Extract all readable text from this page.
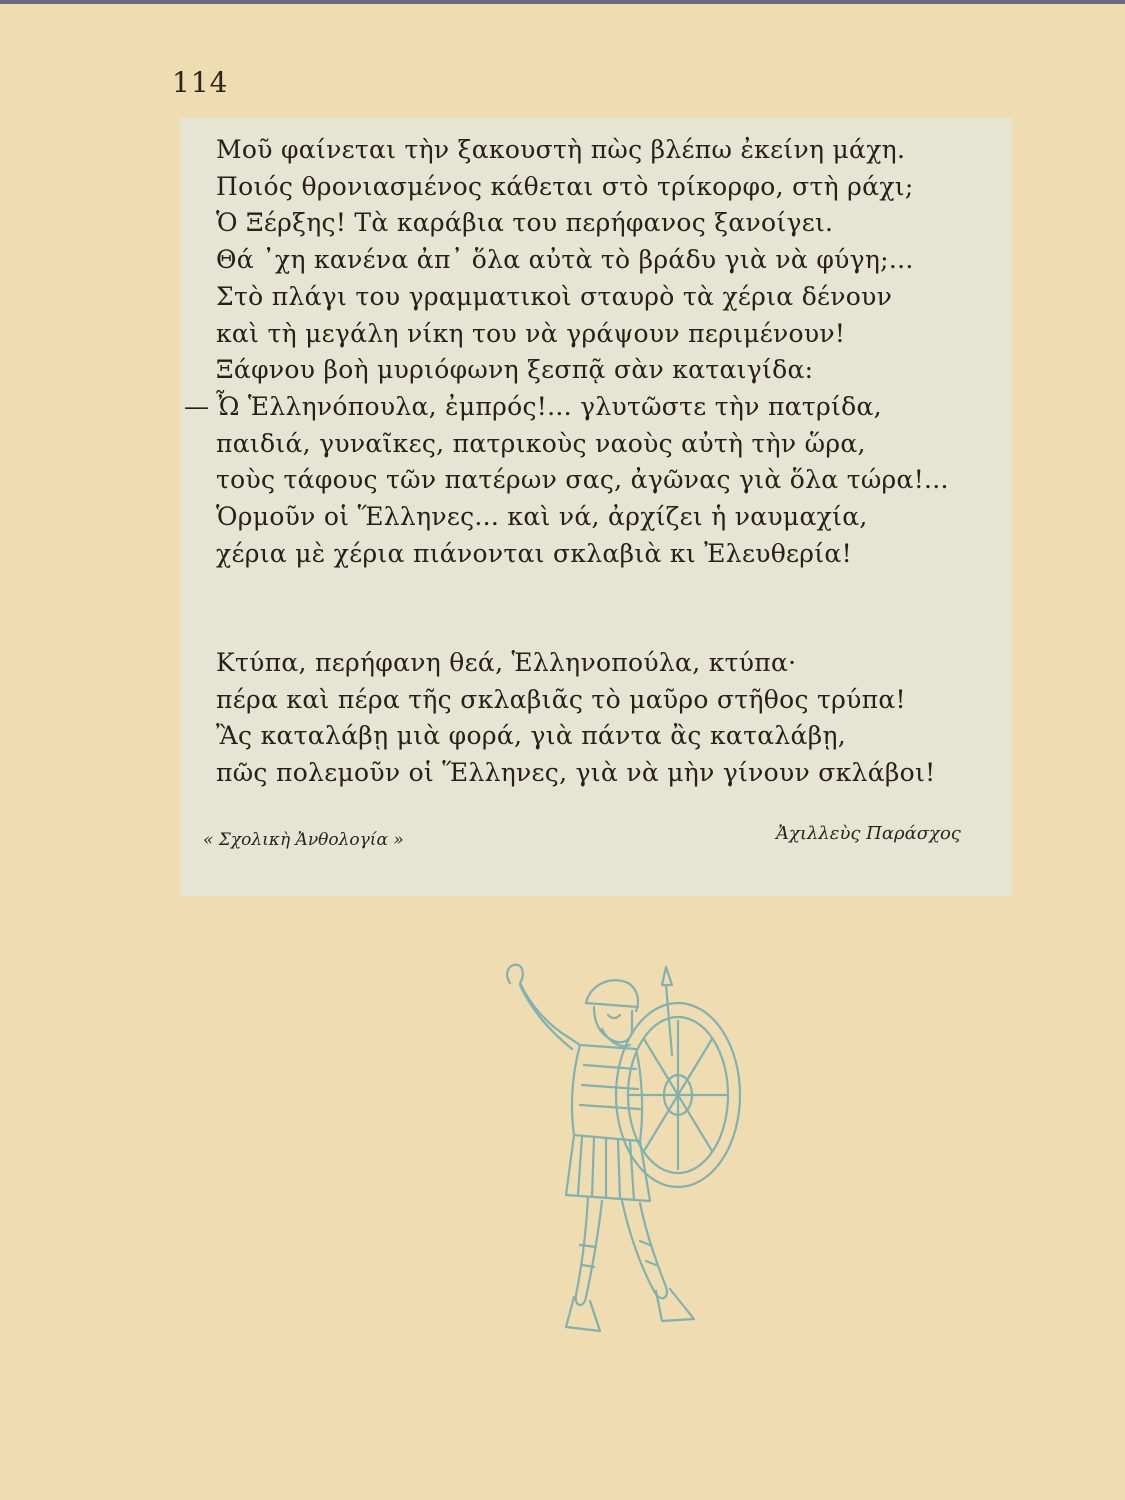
114
Μοῦ φαίνεται τὴν ξακουστὴ πὼς βλέπω ἐκείνη μάχη.
Ποιός θρονιασμένος κάθεται στὸ τρίκορφο, στὴ ράχι;
Ὁ Ξέρξης! Τὰ καράβια του περήφανος ξανοίγει.
Θά ᾽χη κανένα ἀπ᾽ ὅλα αὐτὰ τὸ βράδυ γιὰ νὰ φύγη;...
Στὸ πλάγι του γραμματικοὶ σταυρὸ τὰ χέρια δένουν
καὶ τὴ μεγάλη νίκη του νὰ γράψουν περιμένουν!
Ξάφνου βοὴ μυριόφωνη ξεσπᾷ σὰν καταιγίδα:
— Ὦ Ἑλληνόπουλα, ἐμπρός!... γλυτῶστε τὴν πατρίδα,
παιδιά, γυναῖκες, πατρικοὺς ναοὺς αὐτὴ τὴν ὥρα,
τοὺς τάφους τῶν πατέρων σας, ἀγῶνας γιὰ ὅλα τώρα!...
Ὁρμοῦν οἱ Ἕλληνες... καὶ νά, ἀρχίζει ἡ ναυμαχία,
χέρια μὲ χέρια πιάνονται σκλαβιὰ κι Ἐλευθερία!
Κτύπα, περήφανη θεά, Ἑλληνοπούλα, κτύπα·
πέρα καὶ πέρα τῆς σκλαβιᾶς τὸ μαῦρο στῆθος τρύπα!
Ἂς καταλάβῃ μιὰ φορά, γιὰ πάντα ἂς καταλάβῃ,
πῶς πολεμοῦν οἱ Ἕλληνες, γιὰ νὰ μὴν γίνουν σκλάβοι!
« Σχολικὴ Ἀνθολογία »	Ἀχιλλεὺς Παράσχος
